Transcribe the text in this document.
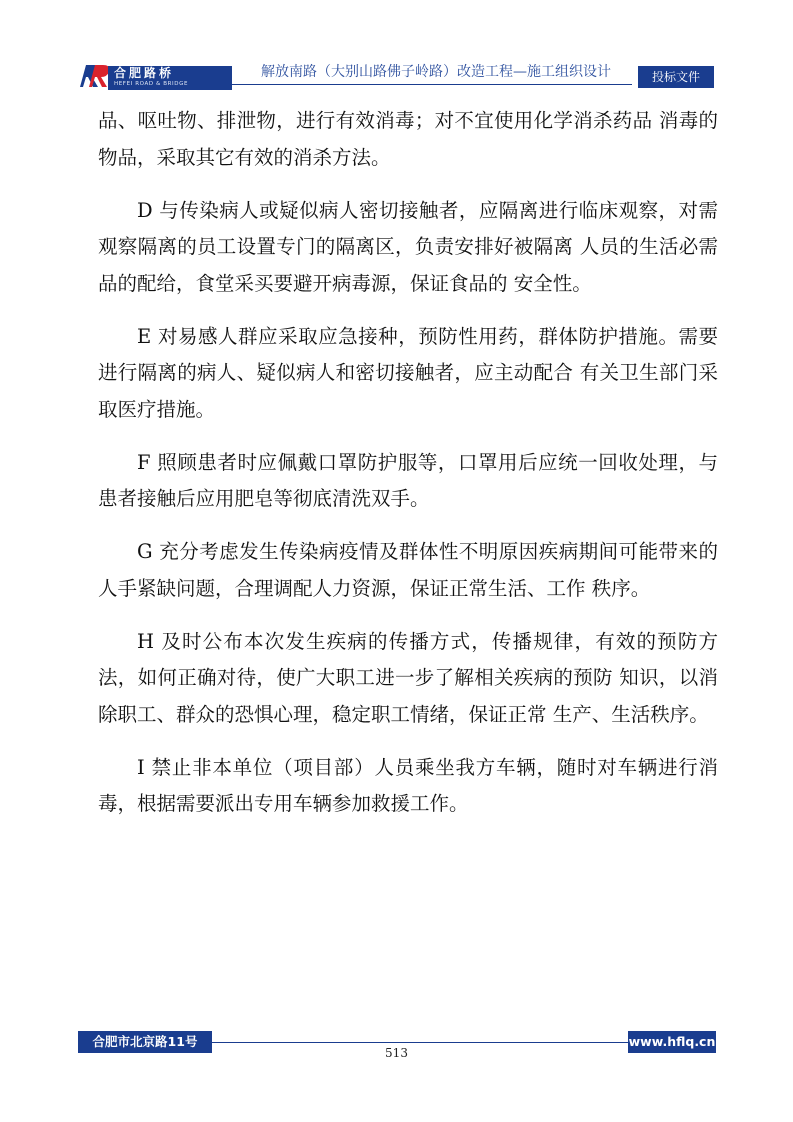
合肥路桥
HEFEI ROAD & BRIDGE
解放南路（大别山路佛子岭路）改造工程—施工组织设计	投标文件

品、呕吐物、排泄物，进行有效消毒；对不宜使用化学消杀药品 消毒的物品，采取其它有效的消杀方法。

D 与传染病人或疑似病人密切接触者，应隔离进行临床观察，对需观察隔离的员工设置专门的隔离区，负责安排好被隔离 人员的生活必需品的配给，食堂采买要避开病毒源，保证食品的 安全性。

E 对易感人群应采取应急接种，预防性用药，群体防护措施。需要进行隔离的病人、疑似病人和密切接触者，应主动配合 有关卫生部门采取医疗措施。

F 照顾患者时应佩戴口罩防护服等，口罩用后应统一回收处理，与患者接触后应用肥皂等彻底清洗双手。

G 充分考虑发生传染病疫情及群体性不明原因疾病期间可能带来的人手紧缺问题，合理调配人力资源，保证正常生活、工作 秩序。

H 及时公布本次发生疾病的传播方式，传播规律，有效的预防方法，如何正确对待，使广大职工进一步了解相关疾病的预防 知识，以消除职工、群众的恐惧心理，稳定职工情绪，保证正常 生产、生活秩序。

I 禁止非本单位（项目部）人员乘坐我方车辆，随时对车辆进行消毒，根据需要派出专用车辆参加救援工作。

合肥市北京路11号	www.hflq.cn
513
